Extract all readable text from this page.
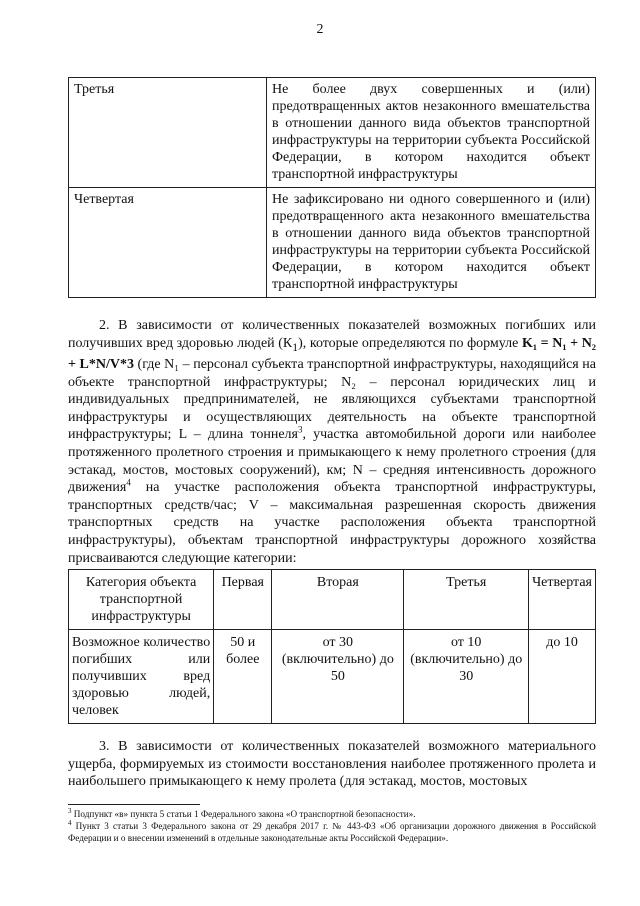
2
Третья	Не более двух совершенных и (или) предотвращенных актов незаконного вмешательства в отношении данного вида объектов транспортной инфраструктуры на территории субъекта Российской Федерации, в котором находится объект транспортной инфраструктуры
Четвертая	Не зафиксировано ни одного совершенного и (или) предотвращенного акта незаконного вмешательства в отношении данного вида объектов транспортной инфраструктуры на территории субъекта Российской Федерации, в котором находится объект транспортной инфраструктуры

2. В зависимости от количественных показателей возможных погибших или получивших вред здоровью людей $(К_1)$, которые определяются по формуле K₁ = N₁ + N₂ + L*N/V*3 (где N₁ – персонал субъекта транспортной инфраструктуры, находящийся на объекте транспортной инфраструктуры; N₂ – персонал юридических лиц и индивидуальных предпринимателей, не являющихся субъектами транспортной инфраструктуры и осуществляющих деятельность на объекте транспортной инфраструктуры; L – длина тоннеля$^3$, участка автомобильной дороги или наиболее протяженного пролетного строения и примыкающего к нему пролетного строения (для эстакад, мостов, мостовых сооружений), км; N – средняя интенсивность дорожного движения$^4$ на участке расположения объекта транспортной инфраструктуры, транспортных средств/час; V – максимальная разрешенная скорость движения транспортных средств на участке расположения объекта транспортной инфраструктуры), объектам транспортной инфраструктуры дорожного хозяйства присваиваются следующие категории:

Категория объекта транспортной инфраструктуры	Первая	Вторая	Третья	Четвертая
Возможное количество погибших или получивших вред здоровью людей, человек	50 и более	от 30 (включительно) до 50	от 10 (включительно) до 30	до 10

3. В зависимости от количественных показателей возможного материального ущерба, формируемых из стоимости восстановления наиболее протяженного пролета и наибольшего примыкающего к нему пролета (для эстакад, мостов, мостовых

$^3$ Подпункт «в» пункта 5 статьи 1 Федерального закона «О транспортной безопасности».

$^4$ Пункт 3 статьи 3 Федерального закона от 29 декабря 2017 г. № 443-ФЗ «Об организации дорожного движения в Российской Федерации и о внесении изменений в отдельные законодательные акты Российской Федерации».
